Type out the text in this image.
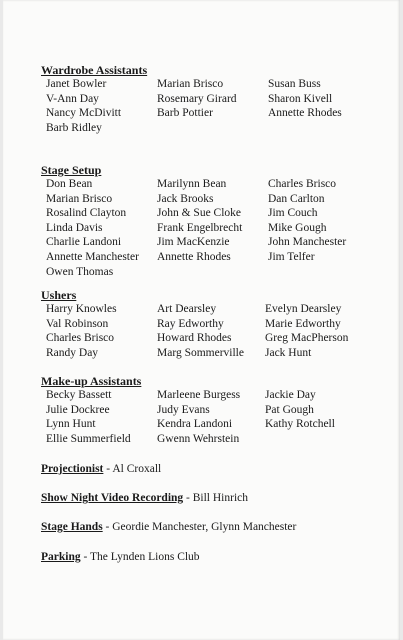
Wardrobe Assistants
Janet Bowler
V-Ann Day
Nancy McDivitt
Barb Ridley
Marian Brisco
Rosemary Girard
Barb Pottier
Susan Buss
Sharon Kivell
Annette Rhodes
Stage Setup
Don Bean
Marian Brisco
Rosalind Clayton
Linda Davis
Charlie Landoni
Annette Manchester
Owen Thomas
Marilynn Bean
Jack Brooks
John & Sue Cloke
Frank Engelbrecht
Jim MacKenzie
Annette Rhodes
Charles Brisco
Dan Carlton
Jim Couch
Mike Gough
John Manchester
Jim Telfer
Ushers
Harry Knowles
Val Robinson
Charles Brisco
Randy Day
Art Dearsley
Ray Edworthy
Howard Rhodes
Marg Sommerville
Evelyn Dearsley
Marie Edworthy
Greg MacPherson
Jack Hunt
Make-up Assistants
Becky Bassett
Julie Dockree
Lynn Hunt
Ellie Summerfield
Marleene Burgess
Judy Evans
Kendra Landoni
Gwenn Wehrstein
Jackie Day
Pat Gough
Kathy Rotchell
Projectionist - Al Croxall
Show Night Video Recording - Bill Hinrich
Stage Hands - Geordie Manchester, Glynn Manchester
Parking - The Lynden Lions Club
